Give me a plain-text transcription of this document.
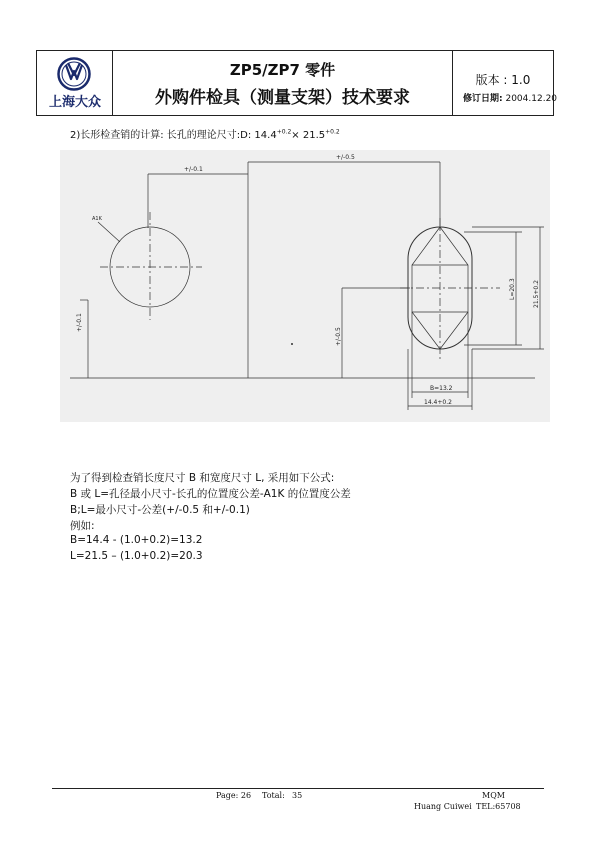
上海大众
ZP5/ZP7 零件
外购件检具（测量支架）技术要求
版本 : 1.0
修订日期: 2004.12.20
2)长形检查销的计算: 长孔的理论尺寸:D: $14.4^{+0.2}\times 21.5^{+0.2}$
+/-0.1
+/-0.5
A1K
+/-0.1
+/-0.5
L=20.3	21.5+0.2
B=13.2
14.4+0.2
为了得到检查销长度尺寸 B 和宽度尺寸 L, 采用如下公式:
B 或 L=孔径最小尺寸-长孔的位置度公差-A1K 的位置度公差
B;L=最小尺寸-公差(+/-0.5 和+/-0.1)
例如:
B=14.4 - (1.0+0.2)=13.2
L=21.5 – (1.0+0.2)=20.3
Page: 26 Total: 35	MQM
Huang Cuiwei TEL:65708
